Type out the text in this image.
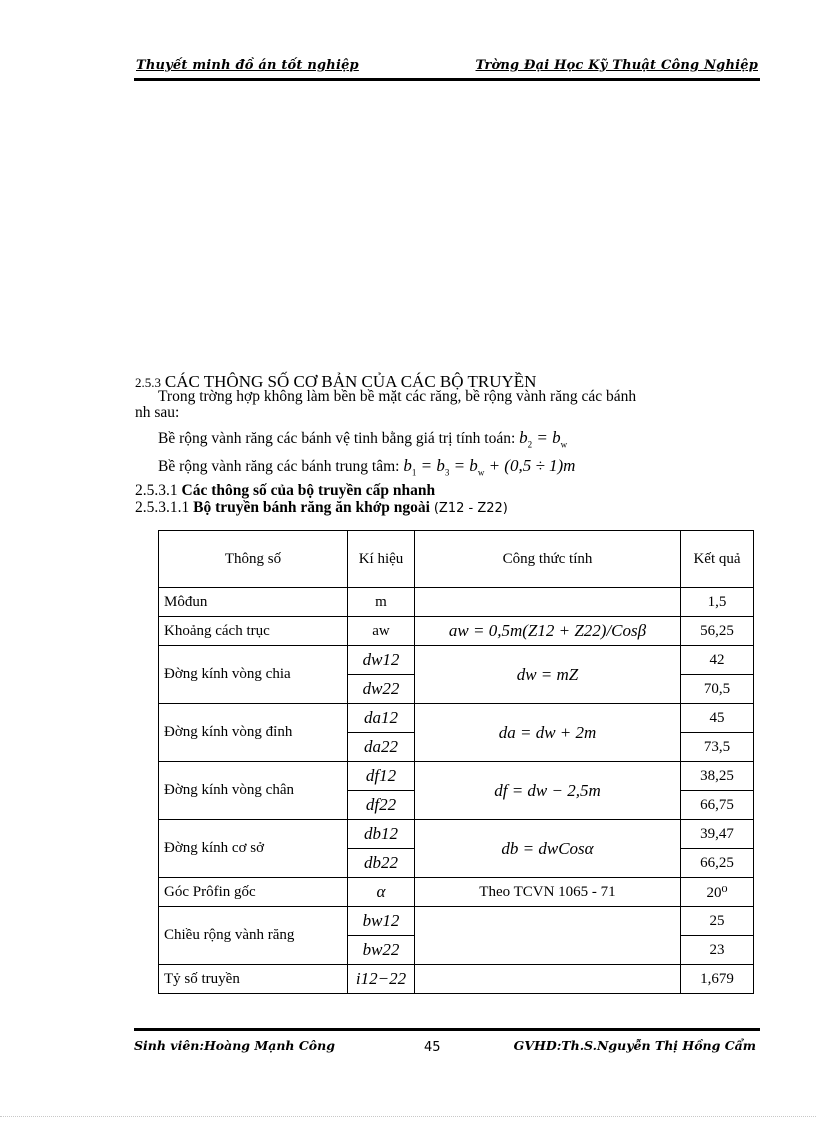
Thuyết minh đồ án tốt nghiệp	Trờng Đại Học Kỹ Thuật Công Nghiệp
2.5.3 CÁC THÔNG SỐ CƠ BẢN CỦA CÁC BỘ TRUYỀN
Trong trờng hợp không làm bền bề mặt các răng, bề rộng vành răng các bánh
nh sau:
Bề rộng vành răng các bánh vệ tinh bằng giá trị tính toán: $b_2 = b_w$
Bề rộng vành răng các bánh trung tâm: $b_1 = b_3 = b_w + (0,5 \div 1)m$
2.5.3.1 Các thông số của bộ truyền cấp nhanh
2.5.3.1.1 Bộ truyền bánh răng ăn khớp ngoài (Z12 - Z22)
Thông số	Kí hiệu	Công thức tính	Kết quả
Môđun	m		1,5
Khoảng cách trục	aw	aw = 0,5m(Z12 + Z22)/Cosβ	56,25
Đờng kính vòng chia	dw12	dw = mZ	42
	dw22		70,5
Đờng kính vòng đỉnh	da12	da = dw + 2m	45
	da22		73,5
Đờng kính vòng chân	df12	df = dw − 2,5m	38,25
	df22		66,75
Đờng kính cơ sở	db12	db = dwCosα	39,47
	db22		66,25
Góc Prôfin gốc	α	Theo TCVN 1065 - 71	20⁰
Chiều rộng vành răng	bw12		25
	bw22		23
Tỷ số truyền	i12−22		1,679
Sinh viên:Hoàng Mạnh Công	45	GVHD:Th.S.Nguyễn Thị Hồng Cẩm
